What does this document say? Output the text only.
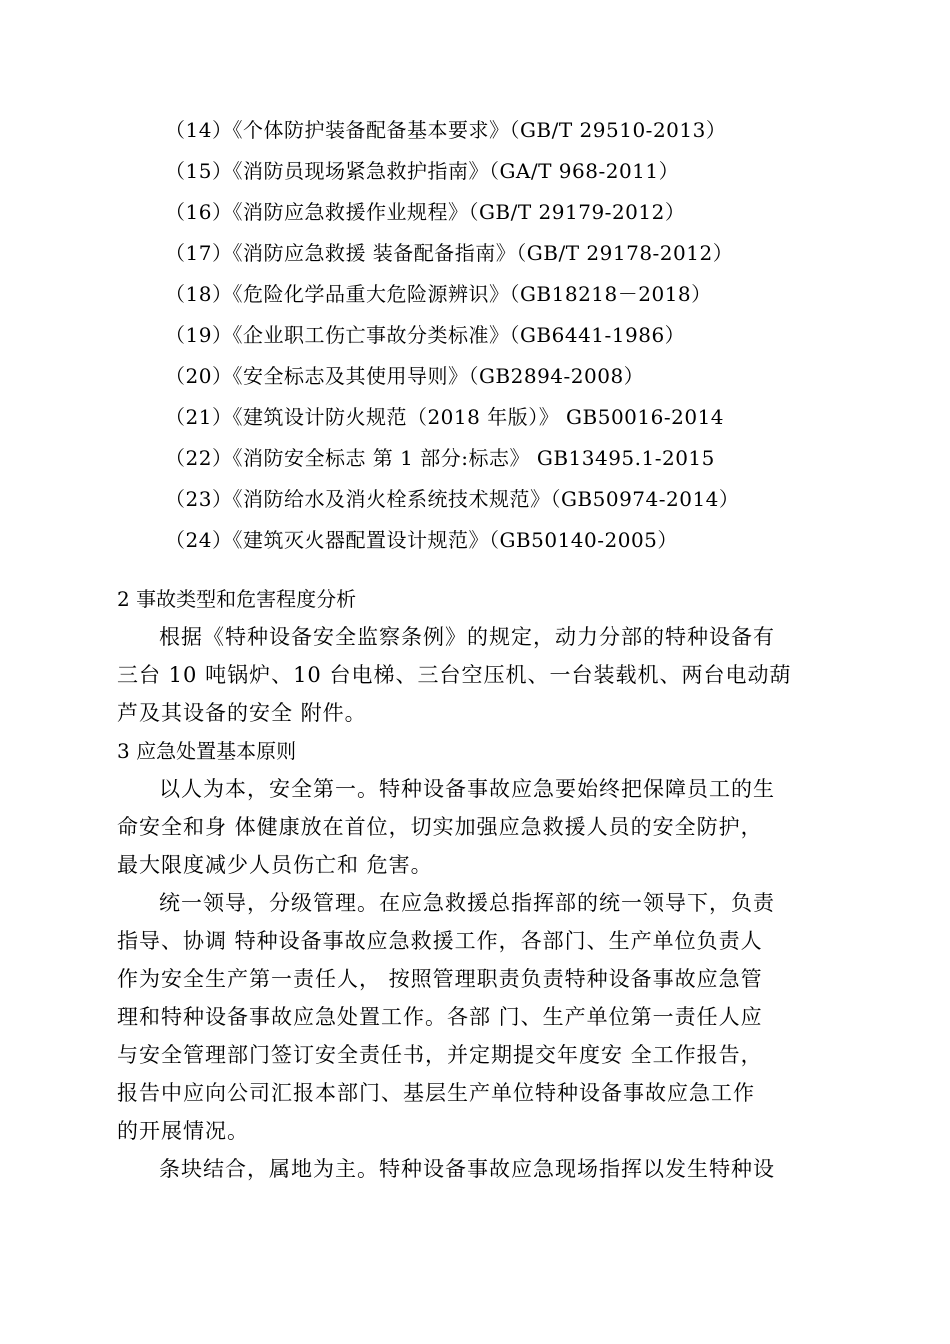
（14）《个体防护装备配备基本要求》（GB/T 29510-2013）
（15）《消防员现场紧急救护指南》（GA/T 968-2011）
（16）《消防应急救援作业规程》（GB/T 29179-2012）
（17）《消防应急救援 装备配备指南》（GB/T 29178-2012）
（18）《危险化学品重大危险源辨识》（GB18218－2018）
（19）《企业职工伤亡事故分类标准》（GB6441-1986）
（20）《安全标志及其使用导则》（GB2894-2008）
（21）《建筑设计防火规范（2018 年版）》 GB50016-2014
（22）《消防安全标志 第 1 部分:标志》 GB13495.1-2015
（23）《消防给水及消火栓系统技术规范》（GB50974-2014）
（24）《建筑灭火器配置设计规范》（GB50140-2005）
2 事故类型和危害程度分析
根据《特种设备安全监察条例》的规定，动力分部的特种设备有
三台 10 吨锅炉、10 台电梯、三台空压机、一台装载机、两台电动葫
芦及其设备的安全 附件。
3 应急处置基本原则
以人为本，安全第一。特种设备事故应急要始终把保障员工的生
命安全和身 体健康放在首位，切实加强应急救援人员的安全防护，
最大限度减少人员伤亡和 危害。
统一领导，分级管理。在应急救援总指挥部的统一领导下，负责
指导、协调 特种设备事故应急救援工作，各部门、生产单位负责人
作为安全生产第一责任人， 按照管理职责负责特种设备事故应急管
理和特种设备事故应急处置工作。各部 门、生产单位第一责任人应
与安全管理部门签订安全责任书，并定期提交年度安 全工作报告，
报告中应向公司汇报本部门、基层生产单位特种设备事故应急工作
的开展情况。
条块结合，属地为主。特种设备事故应急现场指挥以发生特种设
